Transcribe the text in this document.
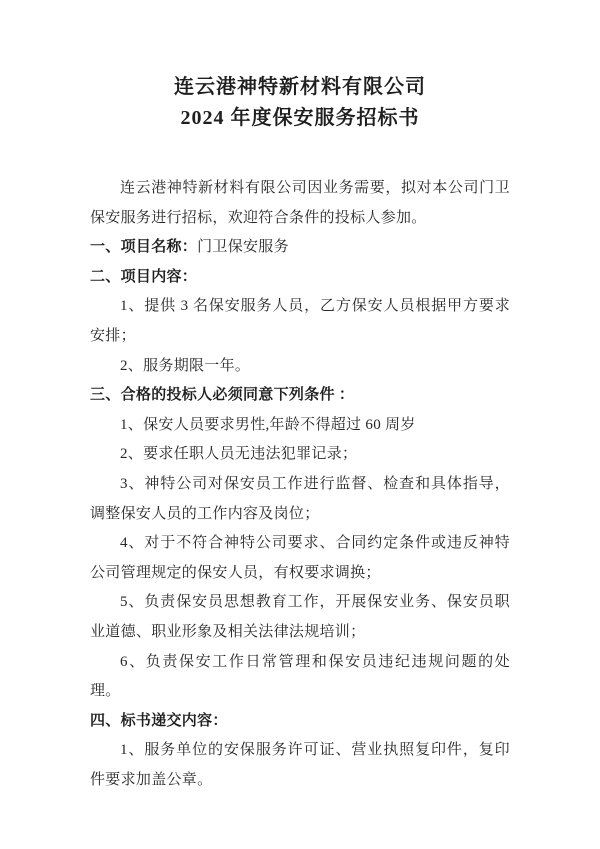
连云港神特新材料有限公司
2024 年度保安服务招标书

连云港神特新材料有限公司因业务需要，拟对本公司门卫保安服务进行招标，欢迎符合条件的投标人参加。

一、项目名称：门卫保安服务

二、项目内容：

1、提供 3 名保安服务人员，乙方保安人员根据甲方要求安排；

2、服务期限一年。

三、合格的投标人必须同意下列条件 ：

1、保安人员要求男性,年龄不得超过 60 周岁

2、要求任职人员无违法犯罪记录；

3、神特公司对保安员工作进行监督、检查和具体指导，调整保安人员的工作内容及岗位；

4、对于不符合神特公司要求、合同约定条件或违反神特公司管理规定的保安人员，有权要求调换；

5、负责保安员思想教育工作，开展保安业务、保安员职业道德、职业形象及相关法律法规培训；

6、负责保安工作日常管理和保安员违纪违规问题的处理。

四、标书递交内容：

1、服务单位的安保服务许可证、营业执照复印件，复印件要求加盖公章。
